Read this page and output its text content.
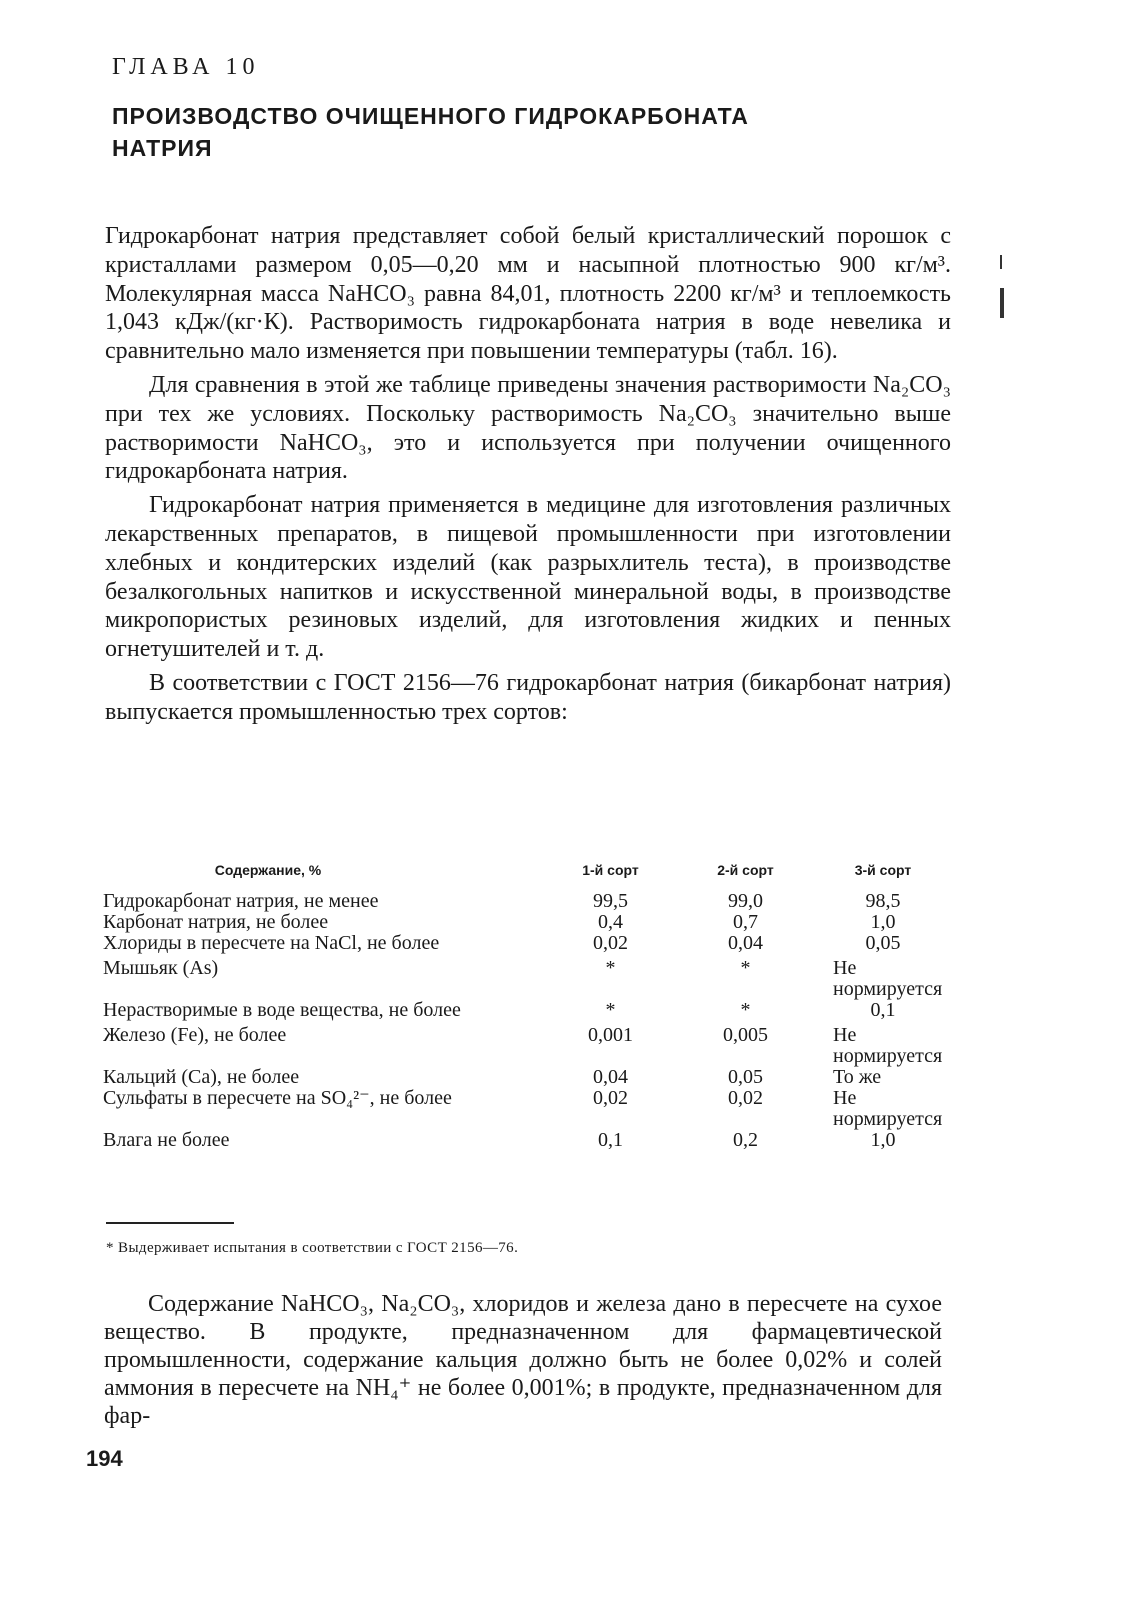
ГЛАВА 10
ПРОИЗВОДСТВО ОЧИЩЕННОГО ГИДРОКАРБОНАТА
НАТРИЯ

Гидрокарбонат натрия представляет собой белый кристаллический порошок с кристаллами размером 0,05—0,20 мм и насыпной плотностью 900 кг/м³. Молекулярная масса NaHCO₃ равна 84,01, плотность 2200 кг/м³ и теплоемкость 1,043 кДж/(кг·К). Растворимость гидрокарбоната натрия в воде невелика и сравнительно мало изменяется при повышении температуры (табл. 16).

Для сравнения в этой же таблице приведены значения растворимости Na₂CO₃ при тех же условиях. Поскольку растворимость Na₂CO₃ значительно выше растворимости NaHCO₃, это и используется при получении очищенного гидрокарбоната натрия.

Гидрокарбонат натрия применяется в медицине для изготовления различных лекарственных препаратов, в пищевой промышленности при изготовлении хлебных и кондитерских изделий (как разрыхлитель теста), в производстве безалкогольных напитков и искусственной минеральной воды, в производстве микропористых резиновых изделий, для изготовления жидких и пенных огнетушителей и т. д.

В соответствии с ГОСТ 2156—76 гидрокарбонат натрия (бикарбонат натрия) выпускается промышленностью трех сортов:

Содержание, %	1-й сорт	2-й сорт	3-й сорт
Гидрокарбонат натрия, не менее	99,5	99,0	98,5
Карбонат натрия, не более	0,4	0,7	1,0
Хлориды в пересчете на NaCl, не более	0,02	0,04	0,05
Мышьяк (As)	*	*	Не нормируется
Нерастворимые в воде вещества, не более	*	*	0,1
Железо (Fe), не более	0,001	0,005	Не нормируется
Кальций (Ca), не более	0,04	0,05	То же
Сульфаты в пересчете на SO₄²⁻, не более	0,02	0,02	Не нормируется
Влага не более	0,1	0,2	1,0
* Выдерживает испытания в соответствии с ГОСТ 2156—76.

Содержание NaHCO₃, Na₂CO₃, хлоридов и железа дано в пересчете на сухое вещество. В продукте, предназначенном для фармацевтической промышленности, содержание кальция должно быть не более 0,02% и солей аммония в пересчете на NH₄⁺ не более 0,001%; в продукте, предназначенном для фар-

194
